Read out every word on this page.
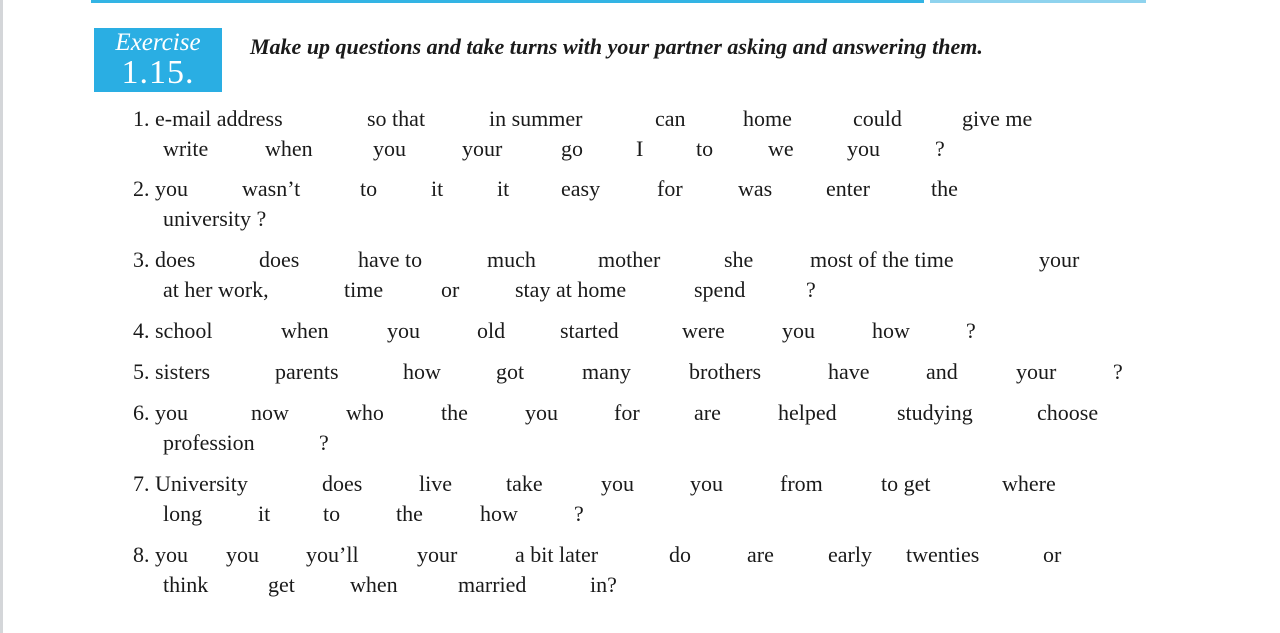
Exercise
1.15.
Make up questions and take turns with your partner asking and answering them.
1. e-mail address	so that	in summer	can	home	could	give me
write	when	you	your	go I to we you	?
2. you wasn’t	to it it easy	for	was enter	the
university ?
3. does	does	have to	much	mother	she	most of the time	your
at her work,	time	or	stay at home	spend	?
4. school	when	you	old started	were	you	how	?
5. sisters	parents	how	got	many	brothers	have	and	your	?
6. you	now	who	the	you	for are	helped	studying	choose
profession	?
7. University	does	live take	you	you	from	to get	where
long	it to	the	how	?
8. you you you’ll	your	a bit later	do	are early twenties	or
think	get	when	married	in?
